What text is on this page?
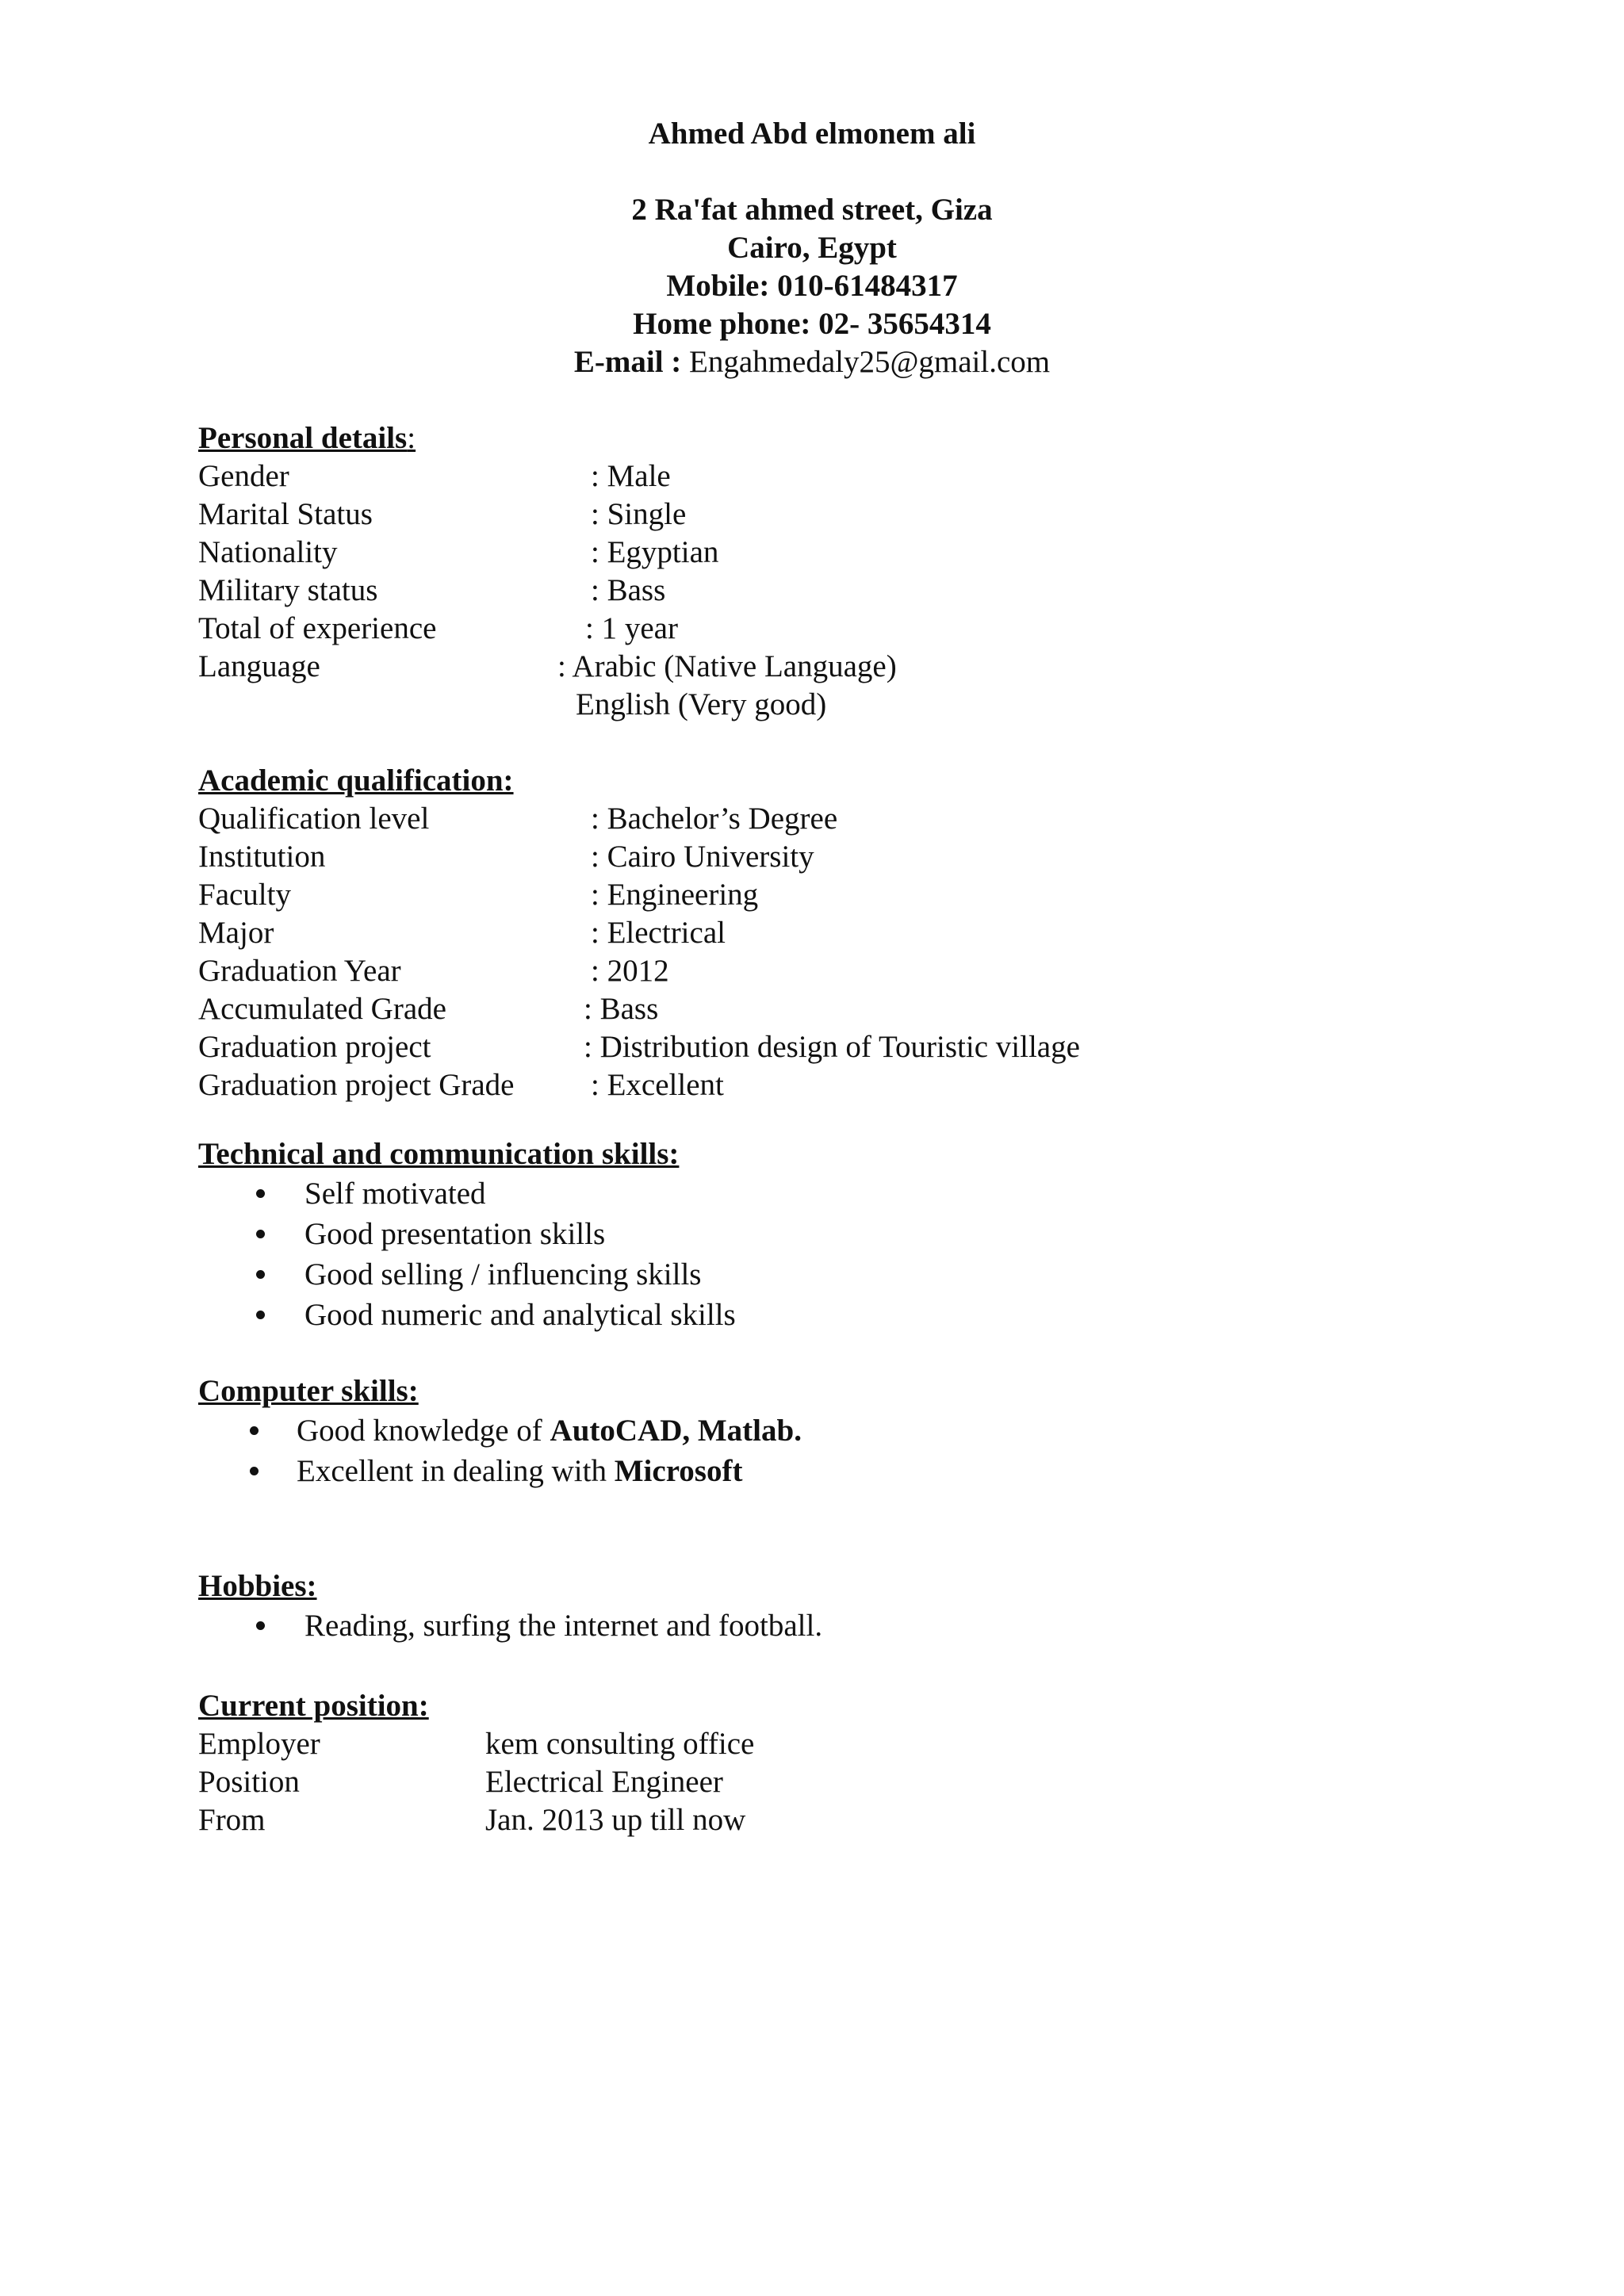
Ahmed Abd elmonem ali
2 Ra'fat ahmed street, Giza
Cairo, Egypt
Mobile: 010-61484317
Home phone: 02- 35654314
E-mail : Engahmedaly25@gmail.com
Personal details:
Gender	: Male
Marital Status	: Single
Nationality	: Egyptian
Military status	: Bass
Total of experience	: 1 year
Language	: Arabic (Native Language)
English (Very good)
Academic qualification:
Qualification level	: Bachelor’s Degree
Institution	: Cairo University
Faculty	: Engineering
Major	: Electrical
Graduation Year	: 2012
Accumulated Grade	: Bass
Graduation project	: Distribution design of Touristic village
Graduation project Grade : Excellent
Technical and communication skills:
Self motivated
Good presentation skills
Good selling / influencing skills
Good numeric and analytical skills
Computer skills:
Good knowledge of AutoCAD, Matlab.
Excellent in dealing with Microsoft
Hobbies:
Reading, surfing the internet and football.
Current position:
Employer	kem consulting office
Position	Electrical Engineer
From	Jan. 2013 up till now
